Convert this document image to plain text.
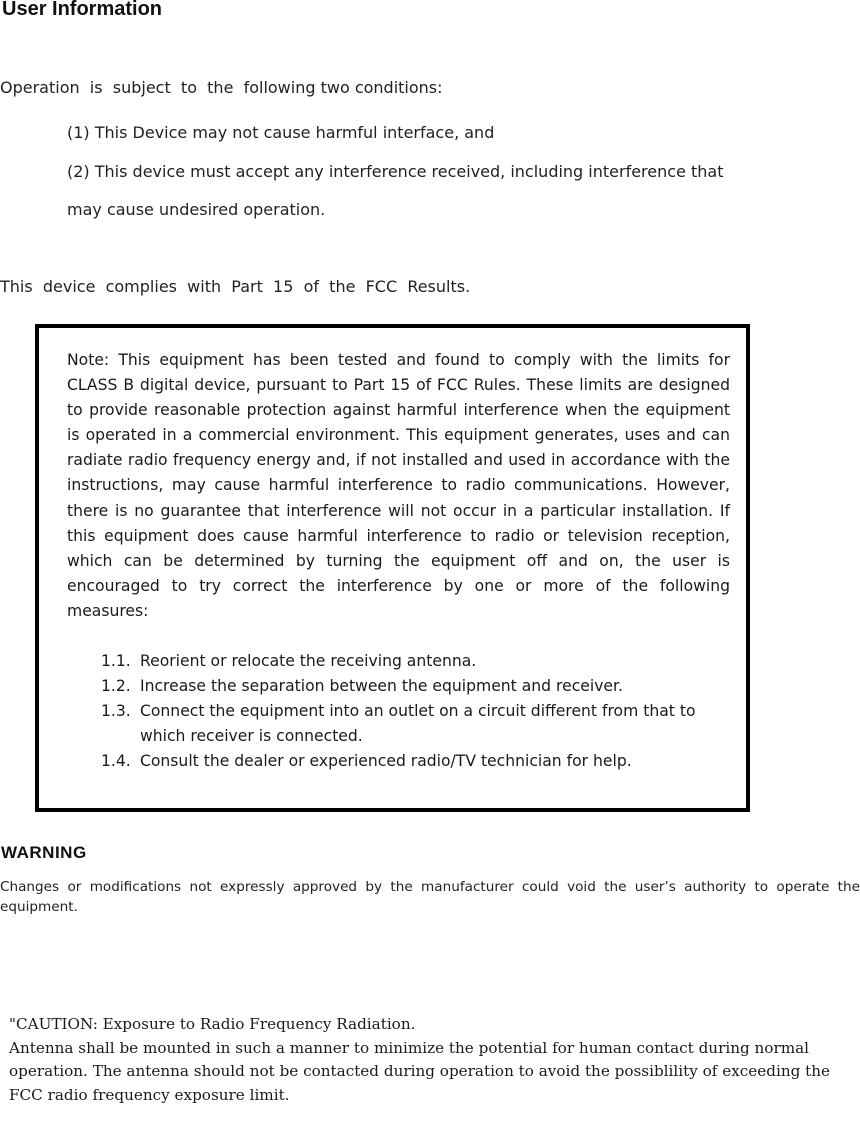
User Information

Operation  is  subject  to  the  following two conditions:

(1) This Device may not cause harmful interface, and

(2) This device must accept any interference received, including interference that

may cause undesired operation.

This  device  complies  with  Part  15  of  the  FCC  Results.

Note: This equipment has been tested and found to comply with the limits for CLASS B digital device, pursuant to Part 15 of FCC Rules. These limits are designed to provide reasonable protection against harmful interference when the equipment is operated in a commercial environment. This equipment generates, uses and can radiate radio frequency energy and, if not installed and used in accordance with the instructions, may cause harmful interference to radio communications. However, there is no guarantee that interference will not occur in a particular installation. If this equipment does cause harmful interference to radio or television reception, which can be determined by turning the equipment off and on, the user is encouraged to try correct the interference by one or more of the following
measures:
1.1. Reorient or relocate the receiving antenna.
1.2. Increase the separation between the equipment and receiver.
1.3. Connect the equipment into an outlet on a circuit different from that to which receiver is connected.
1.4. Consult the dealer or experienced radio/TV technician for help.
WARNING

Changes or modifications not expressly approved by the manufacturer could void the user’s authority to operate the equipment.

"CAUTION: Exposure to Radio Frequency Radiation.
Antenna shall be mounted in such a manner to minimize the potential for human contact during normal operation. The antenna should not be contacted during operation to avoid the possiblility of exceeding the FCC radio frequency exposure limit.
